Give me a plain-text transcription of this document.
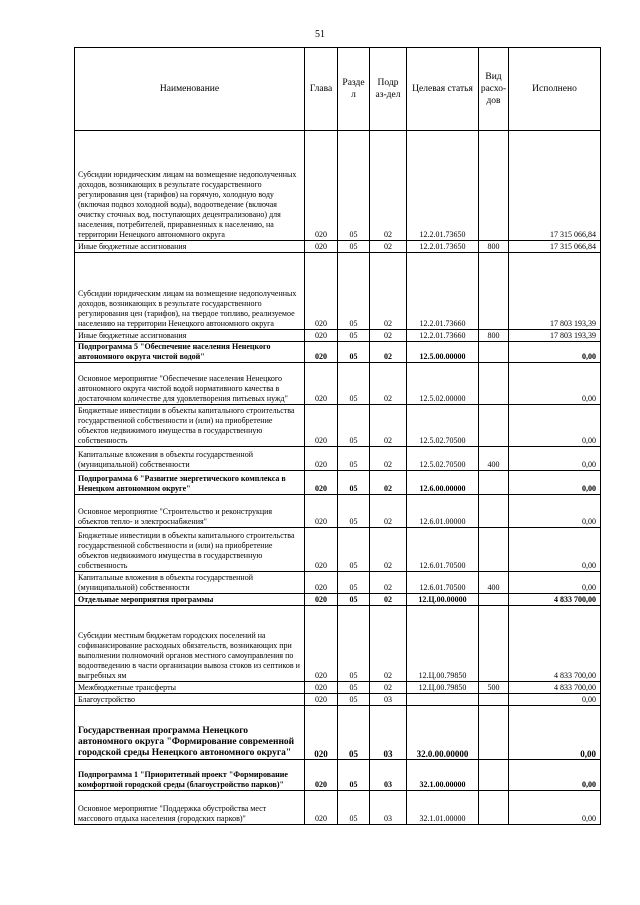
51
Наименование	Глава	Разде л	Подр аз-дел	Целевая статья	Вид расхо-дов	Исполнено
Субсидии юридическим лицам на возмещение недополученных доходов, возникающих в результате государственного регулирования цен (тарифов) на горячую, холодную воду (включая подвоз холодной воды), водоотведение (включая очистку сточных вод, поступающих децентрализовано) для населения, потребителей, приравненных к населению, на территории Ненецкого автономного округа	020	05	02	12.2.01.73650		17 315 066,84
Иные бюджетные ассигнования	020	05	02	12.2.01.73650	800	17 315 066,84
Субсидии юридическим лицам на возмещение недополученных доходов, возникающих в результате государственного регулирования цен (тарифов), на твердое топливо, реализуемое населению на территории Ненецкого автономного округа	020	05	02	12.2.01.73660		17 803 193,39
Иные бюджетные ассигнования	020	05	02	12.2.01.73660	800	17 803 193,39
Подпрограмма 5 "Обеспечение населения Ненецкого автономного округа чистой водой"	020	05	02	12.5.00.00000		0,00
Основное мероприятие "Обеспечение населения Ненецкого автономного округа чистой водой нормативного качества в достаточном количестве для удовлетворения питьевых нужд"	020	05	02	12.5.02.00000		0,00
Бюджетные инвестиции в объекты капитального строительства государственной собственности и (или) на приобретение объектов недвижимого имущества в государственную собственность	020	05	02	12.5.02.70500		0,00
Капитальные вложения в объекты государственной (муниципальной) собственности	020	05	02	12.5.02.70500	400	0,00
Подпрограмма 6 "Развитие энергетического комплекса в Ненецком автономном округе"	020	05	02	12.6.00.00000		0,00
Основное мероприятие "Строительство и реконструкция объектов тепло- и электроснабжения"	020	05	02	12.6.01.00000		0,00
Бюджетные инвестиции в объекты капитального строительства государственной собственности и (или) на приобретение объектов недвижимого имущества в государственную собственность	020	05	02	12.6.01.70500		0,00
Капитальные вложения в объекты государственной (муниципальной) собственности	020	05	02	12.6.01.70500	400	0,00
Отдельные мероприятия программы	020	05	02	12.Ц.00.00000		4 833 700,00
Субсидии местным бюджетам городских поселений на софинансирование расходных обязательств, возникающих при выполнении полномочий органов местного самоуправления по водоотведению в части организации вывоза стоков из септиков и выгребных ям	020	05	02	12.Ц.00.79850		4 833 700,00
Межбюджетные трансферты	020	05	02	12.Ц.00.79850	500	4 833 700,00
Благоустройство	020	05	03			0,00
Государственная программа Ненецкого автономного округа "Формирование современной городской среды Ненецкого автономного округа"	020	05	03	32.0.00.00000		0,00
Подпрограмма 1 "Приоритетный проект "Формирование комфортной городской среды (благоустройство парков)"	020	05	03	32.1.00.00000		0,00
Основное мероприятие "Поддержка обустройства мест массового отдыха населения (городских парков)"	020	05	03	32.1.01.00000		0,00
